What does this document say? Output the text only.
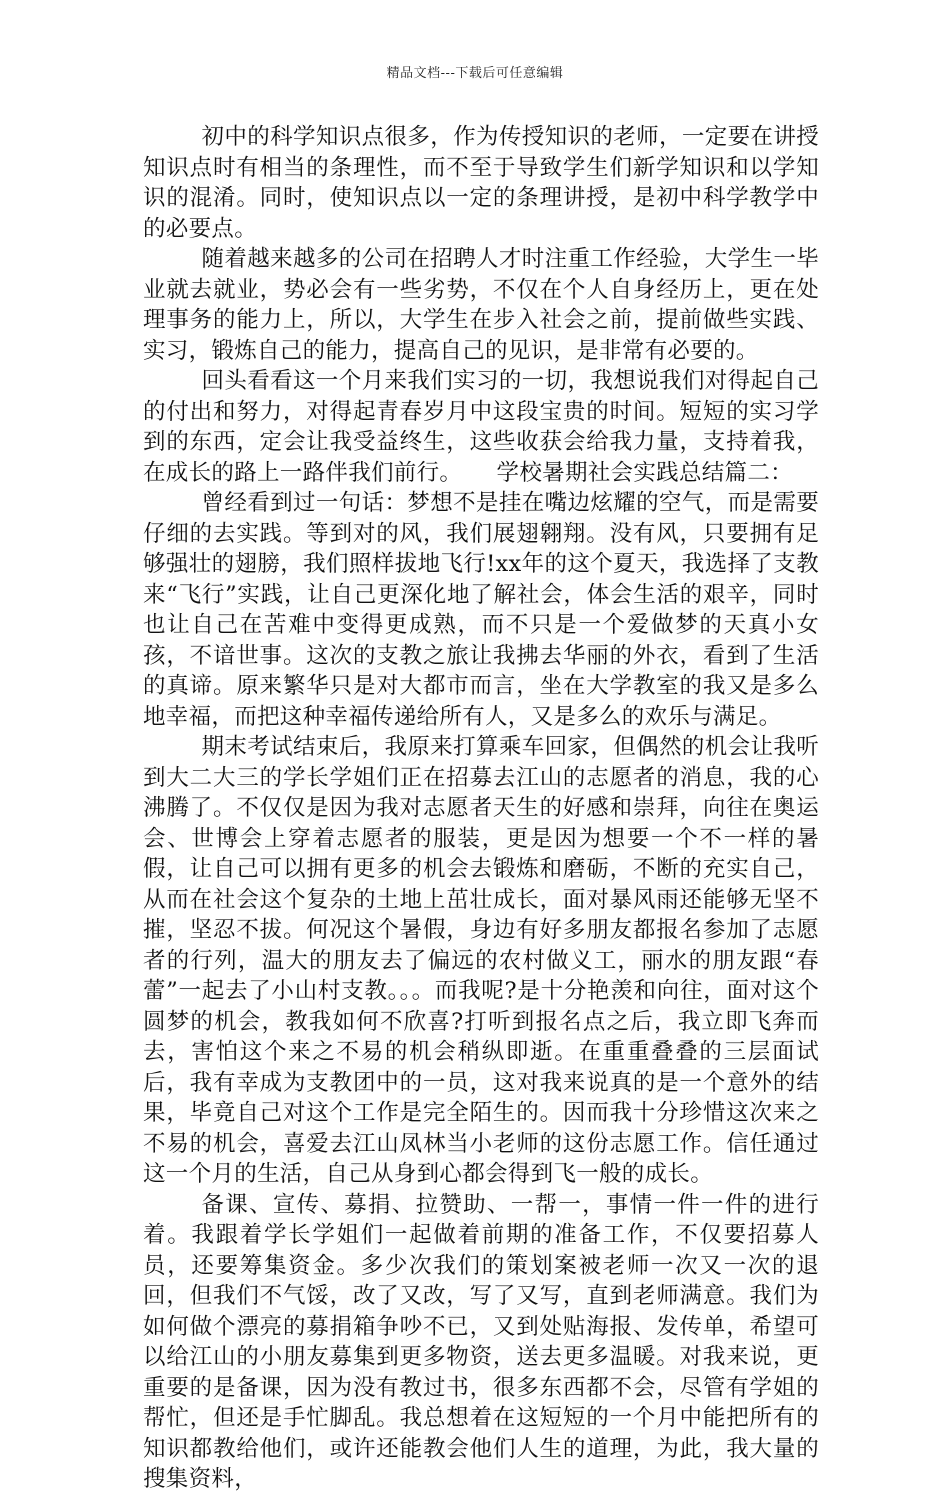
精品文档---下载后可任意编辑

初中的科学知识点很多，作为传授知识的老师，一定要在讲授知识点时有相当的条理性，而不至于导致学生们新学知识和以学知识的混淆。同时，使知识点以一定的条理讲授，是初中科学教学中的必要点。

随着越来越多的公司在招聘人才时注重工作经验，大学生一毕业就去就业，势必会有一些劣势，不仅在个人自身经历上，更在处理事务的能力上，所以，大学生在步入社会之前，提前做些实践、实习，锻炼自己的能力，提高自己的见识，是非常有必要的。

回头看看这一个月来我们实习的一切，我想说我们对得起自己的付出和努力，对得起青春岁月中这段宝贵的时间。短短的实习学到的东西，定会让我受益终生，这些收获会给我力量，支持着我，在成长的路上一路伴我们前行。　　学校暑期社会实践总结篇二：

曾经看到过一句话：梦想不是挂在嘴边炫耀的空气，而是需要仔细的去实践。等到对的风，我们展翅翱翔。没有风，只要拥有足够强壮的翅膀，我们照样拔地飞行!xx年的这个夏天，我选择了支教来“飞行”实践，让自己更深化地了解社会，体会生活的艰辛，同时也让自己在苦难中变得更成熟，而不只是一个爱做梦的天真小女孩，不谙世事。这次的支教之旅让我拂去华丽的外衣，看到了生活的真谛。原来繁华只是对大都市而言，坐在大学教室的我又是多么地幸福，而把这种幸福传递给所有人，又是多么的欢乐与满足。

期末考试结束后，我原来打算乘车回家，但偶然的机会让我听到大二大三的学长学姐们正在招募去江山的志愿者的消息，我的心沸腾了。不仅仅是因为我对志愿者天生的好感和崇拜，向往在奥运会、世博会上穿着志愿者的服装，更是因为想要一个不一样的暑假，让自己可以拥有更多的机会去锻炼和磨砺，不断的充实自己，从而在社会这个复杂的土地上茁壮成长，面对暴风雨还能够无坚不摧，坚忍不拔。何况这个暑假，身边有好多朋友都报名参加了志愿者的行列，温大的朋友去了偏远的农村做义工，丽水的朋友跟“春蕾”一起去了小山村支教。。。而我呢?是十分艳羡和向往，面对这个圆梦的机会，教我如何不欣喜?打听到报名点之后，我立即飞奔而去，害怕这个来之不易的机会稍纵即逝。在重重叠叠的三层面试后，我有幸成为支教团中的一员，这对我来说真的是一个意外的结果，毕竟自己对这个工作是完全陌生的。因而我十分珍惜这次来之不易的机会，喜爱去江山凤林当小老师的这份志愿工作。信任通过这一个月的生活，自己从身到心都会得到飞一般的成长。

备课、宣传、募捐、拉赞助、一帮一，事情一件一件的进行着。我跟着学长学姐们一起做着前期的准备工作，不仅要招募人员，还要筹集资金。多少次我们的策划案被老师一次又一次的退回，但我们不气馁，改了又改，写了又写，直到老师满意。我们为如何做个漂亮的募捐箱争吵不已，又到处贴海报、发传单，希望可以给江山的小朋友募集到更多物资，送去更多温暖。对我来说，更重要的是备课，因为没有教过书，很多东西都不会，尽管有学姐的帮忙，但还是手忙脚乱。我总想着在这短短的一个月中能把所有的知识都教给他们，或许还能教会他们人生的道理，为此，我大量的搜集资料，
